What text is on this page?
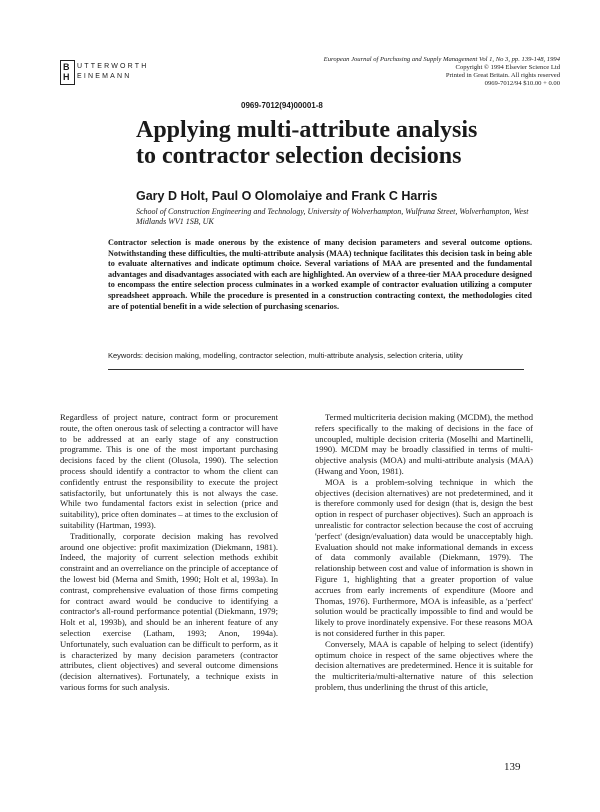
B
H
UTTERWORTH
EINEMANN
European Journal of Purchasing and Supply Management Vol 1, No 3, pp. 139-148, 1994
Copyright © 1994 Elsevier Science Ltd
Printed in Great Britain. All rights reserved
0969-7012/94 $10.00 + 0.00
0969-7012(94)00001-8
Applying multi-attribute analysis
to contractor selection decisions
Gary D Holt, Paul O Olomolaiye and Frank C Harris
School of Construction Engineering and Technology, University of Wolverhampton, Wulfruna Street, Wolverhampton, West Midlands WV1 1SB, UK
Contractor selection is made onerous by the existence of many decision parameters and several outcome options. Notwithstanding these difficulties, the multi-attribute analysis (MAA) technique facilitates this decision task in being able to evaluate alternatives and indicate optimum choice. Several variations of MAA are presented and the fundamental advantages and disadvantages associated with each are highlighted. An overview of a three-tier MAA procedure designed to encompass the entire selection process culminates in a worked example of contractor evaluation utilizing a computer spreadsheet approach. While the procedure is presented in a construction contracting context, the methodologies cited are of potential benefit in a wide selection of purchasing scenarios.
Keywords: decision making, modelling, contractor selection, multi-attribute analysis, selection criteria, utility

Regardless of project nature, contract form or procurement route, the often onerous task of selecting a contractor will have to be addressed at an early stage of any construction programme. This is one of the most important purchasing decisions faced by the client (Olusola, 1990). The selection process should identify a contractor to whom the client can confidently entrust the responsibility to execute the project satisfactorily, but unfortunately this is not always the case. While two fundamental factors exist in selection (price and suitability), price often dominates – at times to the exclusion of suitability (Hartman, 1993).

Traditionally, corporate decision making has revolved around one objective: profit maximization (Diekmann, 1981). Indeed, the majority of current selection methods exhibit constraint and an overreliance on the principle of acceptance of the lowest bid (Merna and Smith, 1990; Holt et al, 1993a). In contrast, comprehensive evaluation of those firms competing for contract award would be conducive to identifying a contractor's all-round performance potential (Diekmann, 1979; Holt et al, 1993b), and should be an inherent feature of any selection exercise (Latham, 1993; Anon, 1994a). Unfortunately, such evaluation can be difficult to perform, as it is characterized by many decision parameters (contractor attributes, client objectives) and several outcome dimensions (decision alternatives). Fortunately, a technique exists in various forms for such analysis.

Termed multicriteria decision making (MCDM), the method refers specifically to the making of decisions in the face of uncoupled, multiple decision criteria (Moselhi and Martinelli, 1990). MCDM may be broadly classified in terms of multi-objective analysis (MOA) and multi-attribute analysis (MAA) (Hwang and Yoon, 1981).

MOA is a problem-solving technique in which the objectives (decision alternatives) are not predetermined, and it is therefore commonly used for design (that is, design the best option in respect of purchaser objectives). Such an approach is unrealistic for contractor selection because the cost of accruing 'perfect' (design/evaluation) data would be unacceptably high. Evaluation should not make informational demands in excess of data commonly available (Diekmann, 1979). The relationship between cost and value of information is shown in Figure 1, highlighting that a greater proportion of value accrues from early increments of expenditure (Moore and Thomas, 1976). Furthermore, MOA is infeasible, as a 'perfect' solution would be practically impossible to find and would be likely to prove inordinately expensive. For these reasons MOA is not considered further in this paper.

Conversely, MAA is capable of helping to select (identify) optimum choice in respect of the same objectives where the decision alternatives are predetermined. Hence it is suitable for the multicriteria/multi-alternative nature of this selection problem, thus underlining the thrust of this article,

139
